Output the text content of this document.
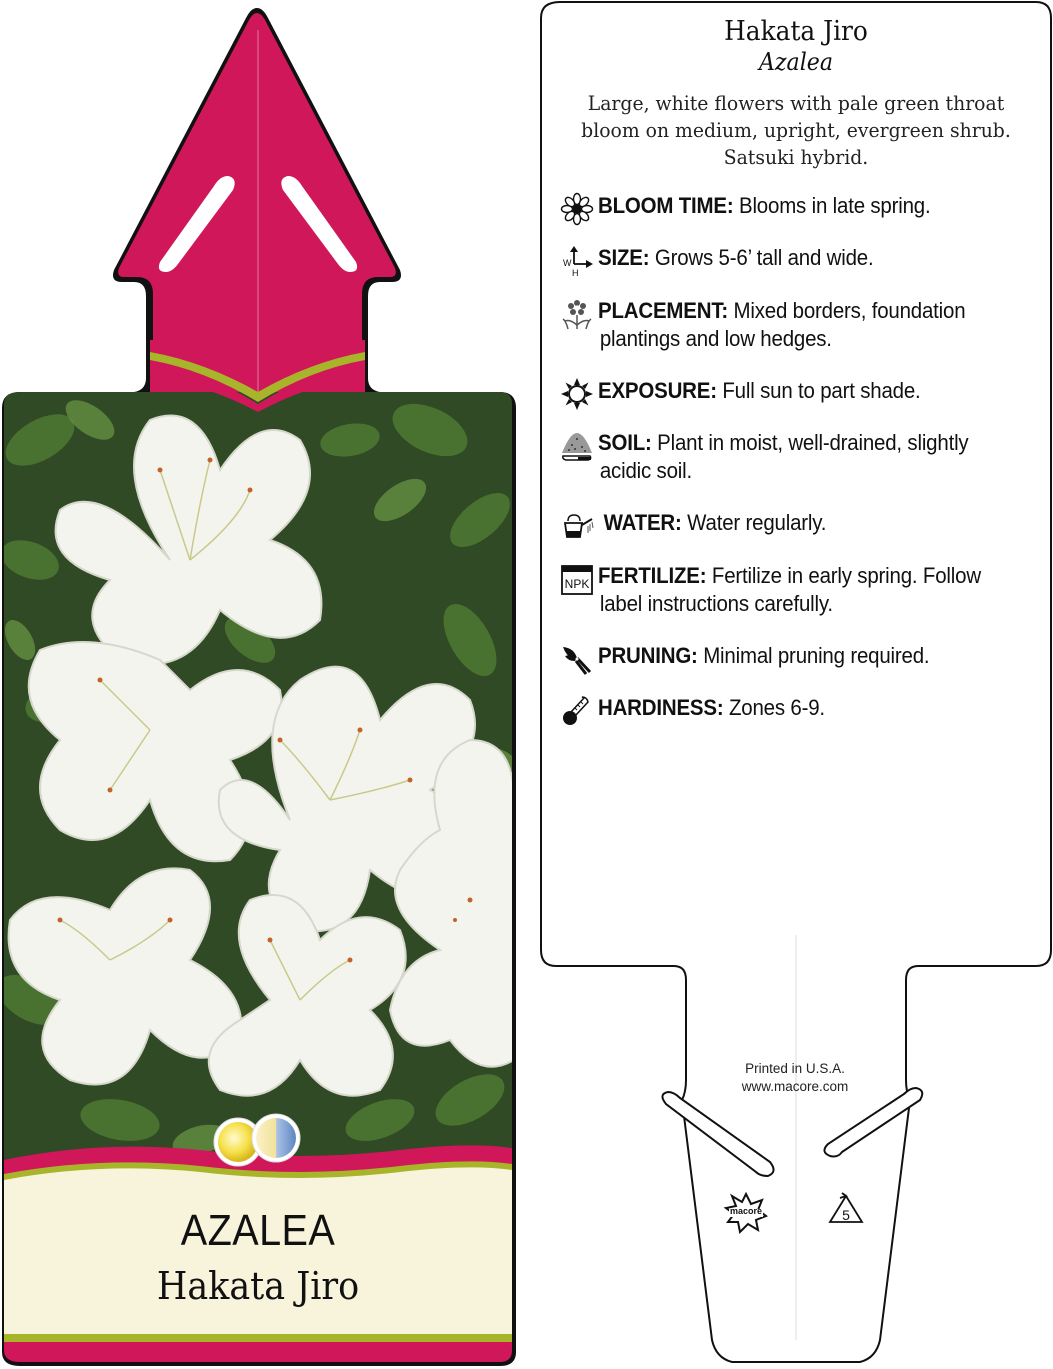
AZALEA
Hakata Jiro
macore	5
Hakata Jiro
Azalea
Large, white flowers with pale green throat bloom on medium, upright, evergreen shrub. Satsuki hybrid.
BLOOM TIME: Blooms in late spring.
W
H
SIZE: Grows 5-6’ tall and wide.
PLACEMENT: Mixed borders, foundation
plantings and low hedges.
EXPOSURE: Full sun to part shade.
SOIL: Plant in moist, well-drained, slightly
acidic soil.
WATER: Water regularly.
NPK FERTILIZE: Fertilize in early spring. Follow
label instructions carefully.
PRUNING: Minimal pruning required.
HARDINESS: Zones 6-9.
Printed in U.S.A.
www.macore.com
